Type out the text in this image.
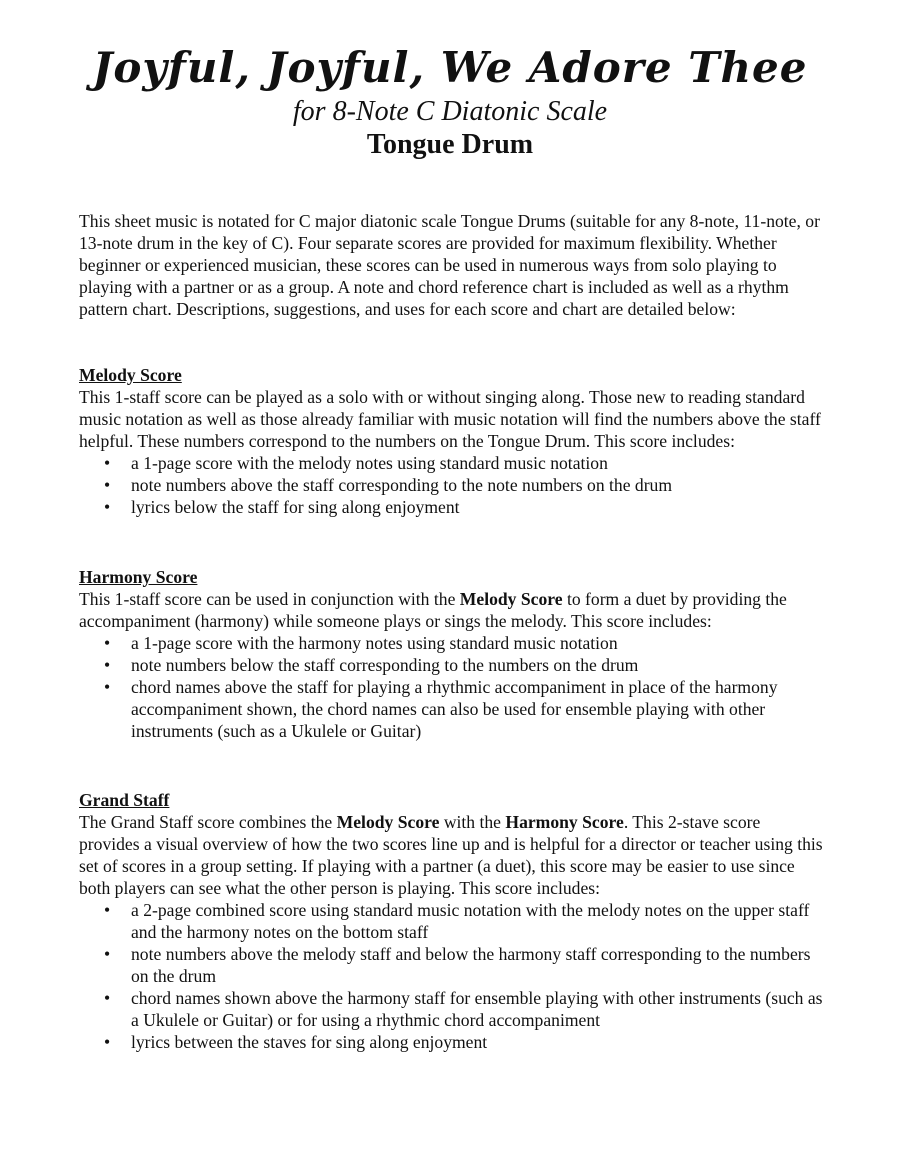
Joyful, Joyful, We Adore Thee
for 8-Note C Diatonic Scale
Tongue Drum
This sheet music is notated for C major diatonic scale Tongue Drums (suitable for any 8-note, 11-note, or 13-note drum in the key of C). Four separate scores are provided for maximum flexibility. Whether beginner or experienced musician, these scores can be used in numerous ways from solo playing to playing with a partner or as a group. A note and chord reference chart is included as well as a rhythm pattern chart. Descriptions, suggestions, and uses for each score and chart are detailed below:
Melody Score
This 1-staff score can be played as a solo with or without singing along. Those new to reading standard music notation as well as those already familiar with music notation will find the numbers above the staff helpful. These numbers correspond to the numbers on the Tongue Drum. This score includes:
• a 1-page score with the melody notes using standard music notation
• note numbers above the staff corresponding to the note numbers on the drum
• lyrics below the staff for sing along enjoyment
Harmony Score
This 1-staff score can be used in conjunction with the Melody Score to form a duet by providing the accompaniment (harmony) while someone plays or sings the melody. This score includes:
• a 1-page score with the harmony notes using standard music notation
• note numbers below the staff corresponding to the numbers on the drum
• chord names above the staff for playing a rhythmic accompaniment in place of the harmony accompaniment shown, the chord names can also be used for ensemble playing with other instruments (such as a Ukulele or Guitar)
Grand Staff
The Grand Staff score combines the Melody Score with the Harmony Score. This 2-stave score provides a visual overview of how the two scores line up and is helpful for a director or teacher using this set of scores in a group setting. If playing with a partner (a duet), this score may be easier to use since both players can see what the other person is playing. This score includes:
• a 2-page combined score using standard music notation with the melody notes on the upper staff and the harmony notes on the bottom staff
• note numbers above the melody staff and below the harmony staff corresponding to the numbers on the drum
• chord names shown above the harmony staff for ensemble playing with other instruments (such as a Ukulele or Guitar) or for using a rhythmic chord accompaniment
• lyrics between the staves for sing along enjoyment
